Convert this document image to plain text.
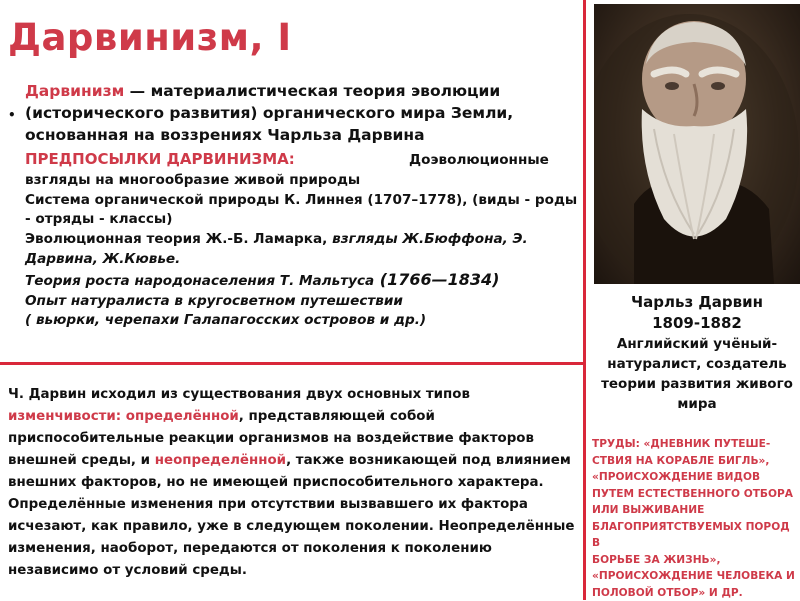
Дарвинизм, I
•
Дарвинизм — материалистическая теория эволюции (исторического развития) органического мира Земли, основанная на воззрениях Чарльза Дарвина
ПРЕДПОСЫЛКИ ДАРВИНИЗМА:	Доэволюционные взгляды на многообразие живой природы
Система органической природы К. Линнея (1707–1778), (виды - роды - отряды - классы)
Эволюционная теория Ж.-Б. Ламарка, взгляды Ж.Бюффона, Э. Дарвина, Ж.Кювье.
Теория роста народонаселения Т. Мальтуса (1766—1834)
Опыт натуралиста в кругосветном путешествии
( вьюрки, черепахи Галапагосских островов и др.)
Ч. Дарвин исходил из существования двух основных типов изменчивости: определённой, представляющей собой приспособительные реакции организмов на воздействие факторов внешней среды, и неопределённой, также возникающей под влиянием внешних факторов, но не имеющей приспособительного характера. Определённые изменения при отсутствии вызвавшего их фактора исчезают, как правило, уже в следующем поколении. Неопределённые изменения, наоборот, передаются от поколения к поколению независимо от условий среды.
Чарльз Дарвин
1809-1882
Английский учёный-натуралист, создатель теории развития живого мира
ТРУДЫ: «ДНЕВНИК ПУТЕШЕ-
СТВИЯ НА КОРАБЛЕ БИГЛЬ»,
«ПРОИСХОЖДЕНИЕ ВИДОВ
ПУТЕМ ЕСТЕСТВЕННОГО ОТБОРА
ИЛИ ВЫЖИВАНИЕ
БЛАГОПРИЯТСТВУЕМЫХ ПОРОД В
БОРЬБЕ ЗА ЖИЗНЬ»,
«ПРОИСХОЖДЕНИЕ ЧЕЛОВЕКА И
ПОЛОВОЙ ОТБОР» И ДР.
